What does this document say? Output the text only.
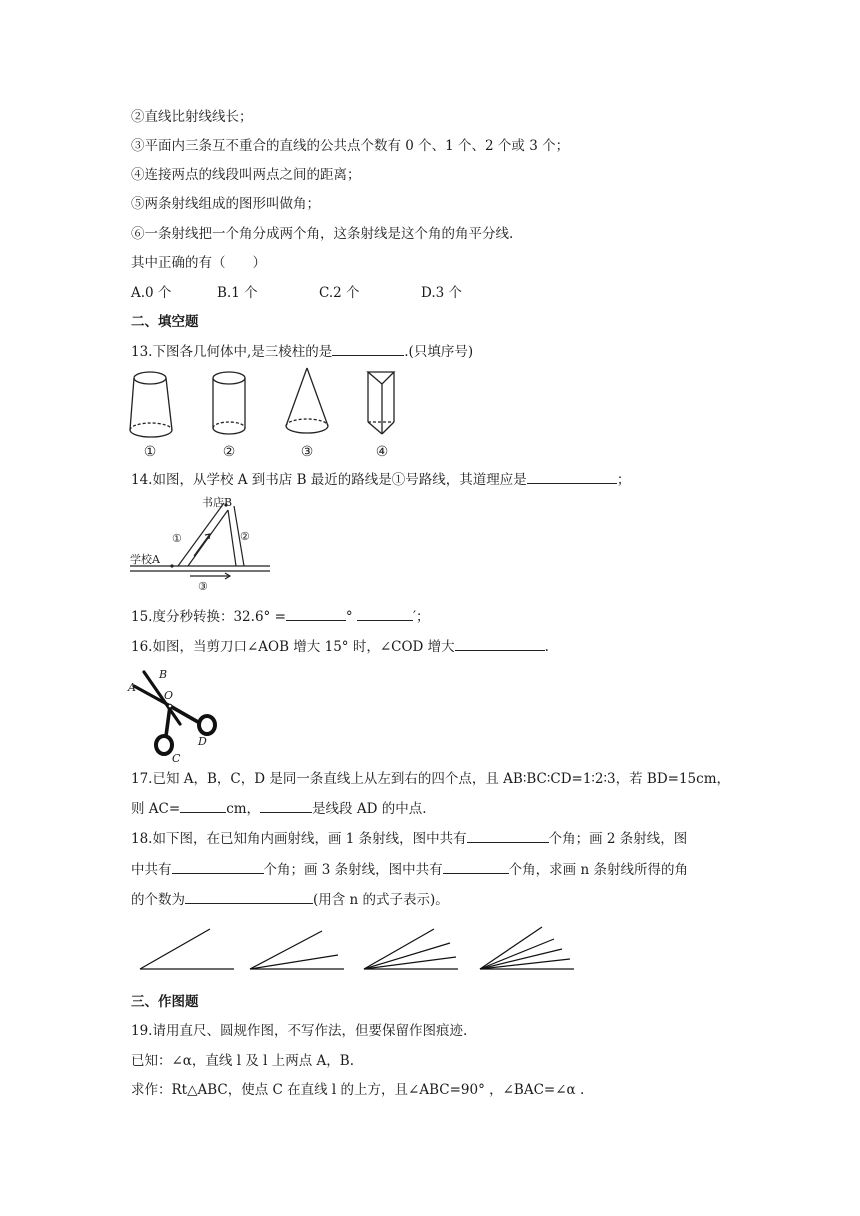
②直线比射线线长；
③平面内三条互不重合的直线的公共点个数有 0 个、1 个、2 个或 3 个；
④连接两点的线段叫两点之间的距离；
⑤两条射线组成的图形叫做角；
⑥一条射线把一个角分成两个角，这条射线是这个角的角平分线.
其中正确的有（　　）
A.0 个	B.1 个	C.2 个	D.3 个
二、填空题
13.下图各几何体中,是三棱柱的是	.(只填序号)
①	②	③	④
14.如图，从学校 A 到书店 B 最近的路线是①号路线，其道理应是	；
学校A
书店B
①	②
③
15.度分秒转换：32.6° =	°	′；
16.如图，当剪刀口∠AOB 增大 15° 时，∠COD 增大	.
A
B
O
C
D
17.已知 A，B，C，D 是同一条直线上从左到右的四个点，且 AB∶BC∶CD=1∶2∶3，若 BD=15cm，
则 AC=	cm，	是线段 AD 的中点.
18.如下图，在已知角内画射线，画 1 条射线，图中共有	个角；画 2 条射线，图
中共有	个角；画 3 条射线，图中共有	个角，求画 n 条射线所得的角
的个数为	(用含 n 的式子表示)。
三、作图题
19.请用直尺、圆规作图，不写作法，但要保留作图痕迹.
已知：∠α，直线 l 及 l 上两点 A，B.
求作：Rt△ABC，使点 C 在直线 l 的上方，且∠ABC=90° ，∠BAC=∠α .
